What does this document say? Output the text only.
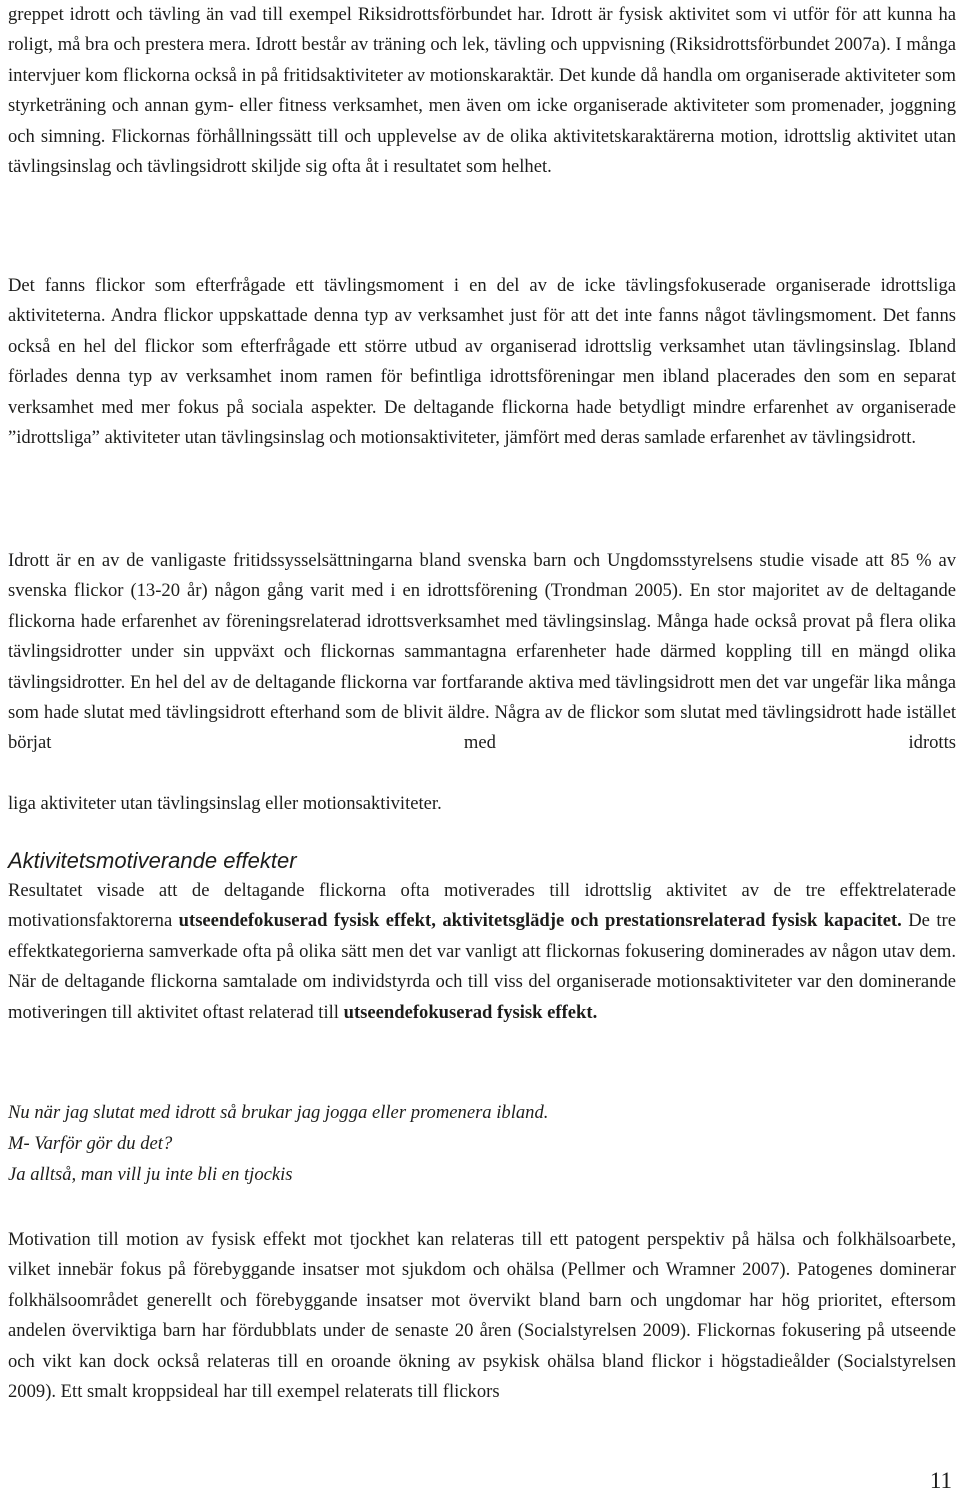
greppet idrott och tävling än vad till exempel Riksidrottsförbundet har. Idrott är fysisk aktivitet som vi utför för att kunna ha roligt, må bra och prestera mera. Idrott består av träning och lek, tävling och uppvisning (Riksidrottsförbundet 2007a). I många intervjuer kom flickorna också in på fritidsaktiviteter av motionskaraktär. Det kunde då handla om organiserade aktiviteter som styrketräning och annan gym- eller fitness verksamhet, men även om icke organiserade aktiviteter som promenader, joggning och simning. Flickornas förhållningssätt till och upplevelse av de olika aktivitetskaraktärerna motion, idrottslig aktivitet utan tävlingsinslag och tävlingsidrott skiljde sig ofta åt i resultatet som helhet.

Det fanns flickor som efterfrågade ett tävlingsmoment i en del av de icke tävlingsfokuserade organiserade idrottsliga aktiviteterna. Andra flickor uppskattade denna typ av verksamhet just för att det inte fanns något tävlingsmoment. Det fanns också en hel del flickor som efterfrågade ett större utbud av organiserad idrottslig verksamhet utan tävlingsinslag. Ibland förlades denna typ av verksamhet inom ramen för befintliga idrottsföreningar men ibland placerades den som en separat verksamhet med mer fokus på sociala aspekter. De deltagande flickorna hade betydligt mindre erfarenhet av organiserade ”idrottsliga” aktiviteter utan tävlingsinslag och motionsaktiviteter, jämfört med deras samlade erfarenhet av tävlingsidrott.

Idrott är en av de vanligaste fritidssysselsättningarna bland svenska barn och Ungdomsstyrelsens studie visade att 85 % av svenska flickor (13-20 år) någon gång varit med i en idrottsförening (Trondman 2005). En stor majoritet av de deltagande flickorna hade erfarenhet av föreningsrelaterad idrottsverksamhet med tävlingsinslag. Många hade också provat på flera olika tävlingsidrotter under sin uppväxt och flickornas sammantagna erfarenheter hade därmed koppling till en mängd olika tävlingsidrotter. En hel del av de deltagande flickorna var fortfarande aktiva med tävlingsidrott men det var ungefär lika många som hade slutat med tävlingsidrott efterhand som de blivit äldre. Några av de flickor som slutat med tävlingsidrott hade istället börjat med idrotts

liga aktiviteter utan tävlingsinslag eller motionsaktiviteter.

Aktivitetsmotiverande effekter

Resultatet visade att de deltagande flickorna ofta motiverades till idrottslig aktivitet av de tre effektrelaterade motivationsfaktorerna utseendefokuserad fysisk effekt, aktivitetsglädje och prestationsrelaterad fysisk kapacitet. De tre effektkategorierna samverkade ofta på olika sätt men det var vanligt att flickornas fokusering dominerades av någon utav dem. När de deltagande flickorna samtalade om individstyrda och till viss del organiserade motionsaktiviteter var den dominerande motiveringen till aktivitet oftast relaterad till utseendefokuserad fysisk effekt.

Nu när jag slutat med idrott så brukar jag jogga eller promenera ibland.
M- Varför gör du det?
Ja alltså, man vill ju inte bli en tjockis

Motivation till motion av fysisk effekt mot tjockhet kan relateras till ett patogent perspektiv på hälsa och folkhälsoarbete, vilket innebär fokus på förebyggande insatser mot sjukdom och ohälsa (Pellmer och Wramner 2007). Patogenes dominerar folkhälsoområdet generellt och förebyggande insatser mot övervikt bland barn och ungdomar har hög prioritet, eftersom andelen överviktiga barn har fördubblats under de senaste 20 åren (Socialstyrelsen 2009). Flickornas fokusering på utseende och vikt kan dock också relateras till en oroande ökning av psykisk ohälsa bland flickor i högstadieålder (Socialstyrelsen 2009). Ett smalt kroppsideal har till exempel relaterats till flickors

11
